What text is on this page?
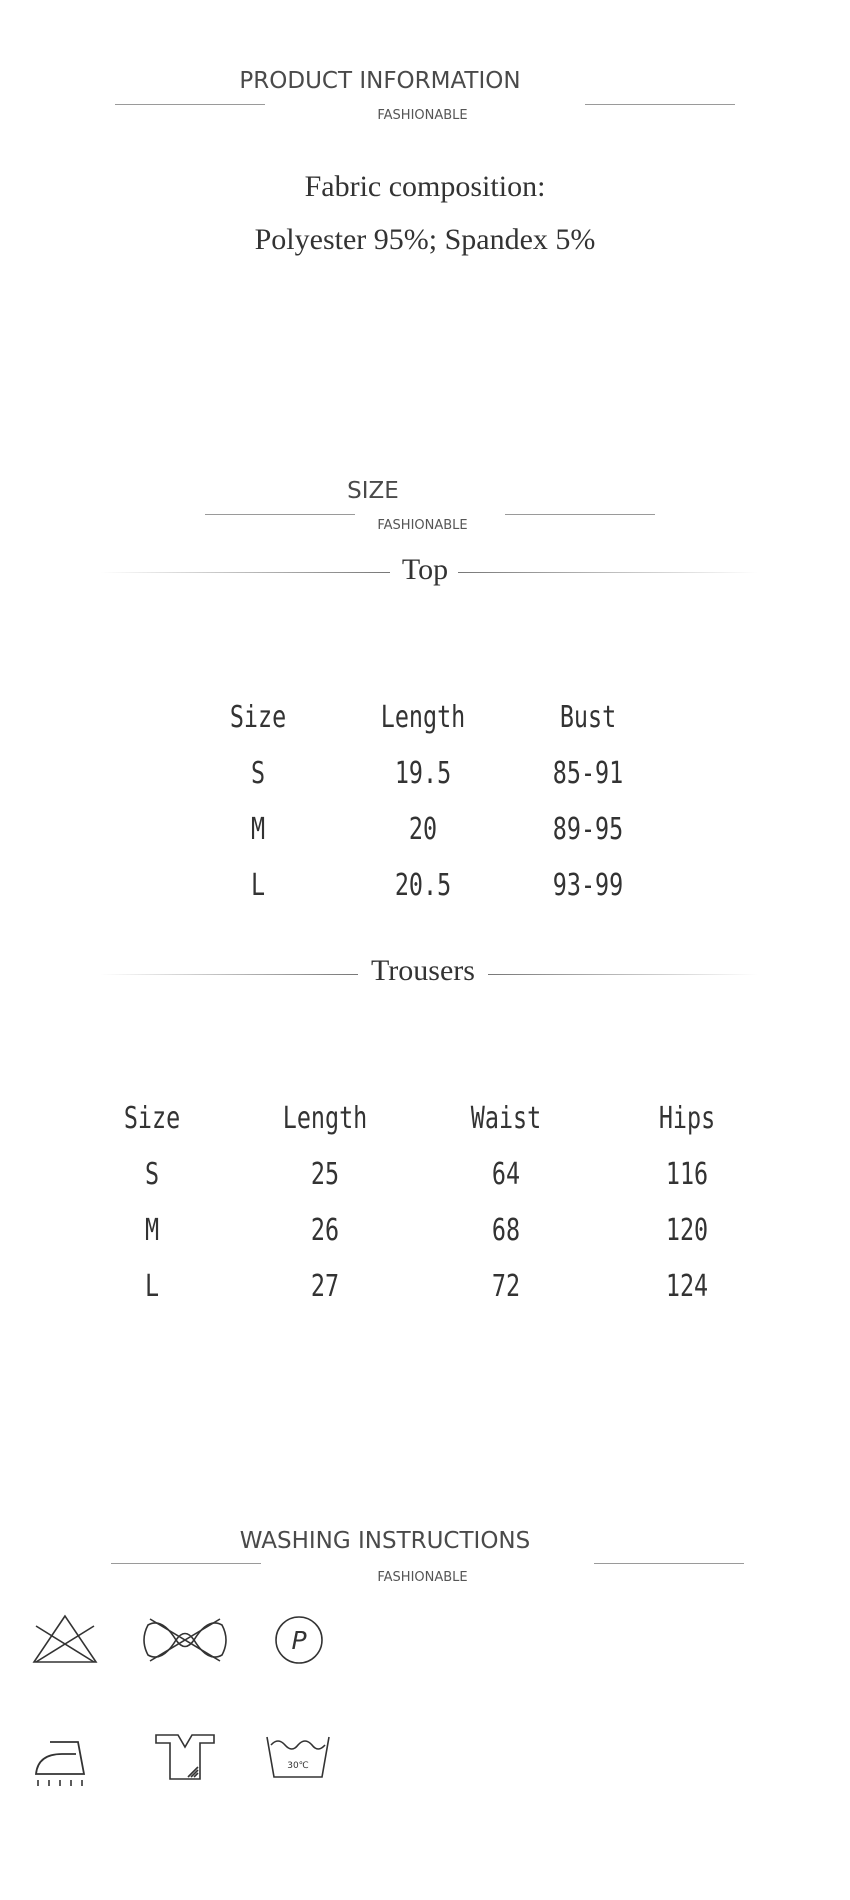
PRODUCT INFORMATION
FASHIONABLE
Fabric composition:
Polyester 95%; Spandex 5%
SIZE
FASHIONABLE
Top
Size	Length	Bust
S	19.5	85-91
M	20	89-95
L	20.5	93-99
Trousers
Size	Length	Waist	Hips
S	25	64	116
M	26	68	120
L	27	72	124
WASHING INSTRUCTIONS
FASHIONABLE
P
30℃
